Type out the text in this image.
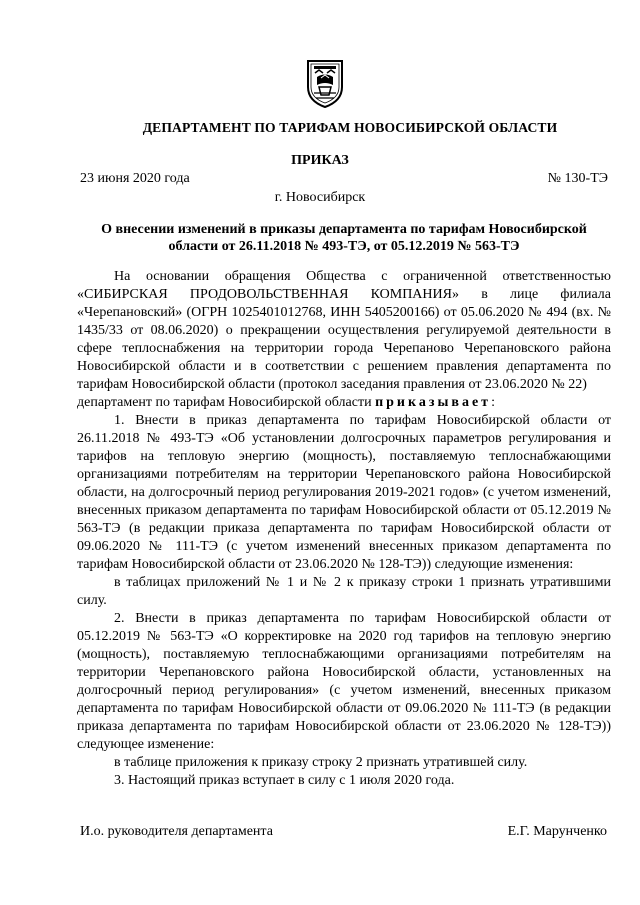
ДЕПАРТАМЕНТ ПО ТАРИФАМ НОВОСИБИРСКОЙ ОБЛАСТИ
ПРИКАЗ
23 июня 2020 года	№ 130-ТЭ
г. Новосибирск
О внесении изменений в приказы департамента по тарифам Новосибирской области от 26.11.2018 № 493-ТЭ, от 05.12.2019 № 563-ТЭ

На основании обращения Общества с ограниченной ответственностью «СИБИРСКАЯ ПРОДОВОЛЬСТВЕННАЯ КОМПАНИЯ» в лице филиала «Черепановский» (ОГРН 1025401012768, ИНН 5405200166) от 05.06.2020 № 494 (вх. № 1435/33 от 08.06.2020) о прекращении осуществления регулируемой деятельности в сфере теплоснабжения на территории города Черепаново Черепановского района Новосибирской области и в соответствии с решением правления департамента по тарифам Новосибирской области (протокол заседания правления от 23.06.2020 № 22)

департамент по тарифам Новосибирской области приказывает:

1. Внести в приказ департамента по тарифам Новосибирской области от 26.11.2018 № 493-ТЭ «Об установлении долгосрочных параметров регулирования и тарифов на тепловую энергию (мощность), поставляемую теплоснабжающими организациями потребителям на территории Черепановского района Новосибирской области, на долгосрочный период регулирования 2019-2021 годов» (с учетом изменений, внесенных приказом департамента по тарифам Новосибирской области от 05.12.2019 № 563-ТЭ (в редакции приказа департамента по тарифам Новосибирской области от 09.06.2020 № 111-ТЭ (с учетом изменений внесенных приказом департамента по тарифам Новосибирской области от 23.06.2020 № 128-ТЭ)) следующие изменения:

в таблицах приложений № 1 и № 2 к приказу строки 1 признать утратившими силу.

2. Внести в приказ департамента по тарифам Новосибирской области от 05.12.2019 № 563-ТЭ «О корректировке на 2020 год тарифов на тепловую энергию (мощность), поставляемую теплоснабжающими организациями потребителям на территории Черепановского района Новосибирской области, установленных на долгосрочный период регулирования» (с учетом изменений, внесенных приказом департамента по тарифам Новосибирской области от 09.06.2020 № 111-ТЭ (в редакции приказа департамента по тарифам Новосибирской области от 23.06.2020 № 128-ТЭ)) следующее изменение:

в таблице приложения к приказу строку 2 признать утратившей силу.

3. Настоящий приказ вступает в силу с 1 июля 2020 года.

И.о. руководителя департамента	Е.Г. Марунченко
